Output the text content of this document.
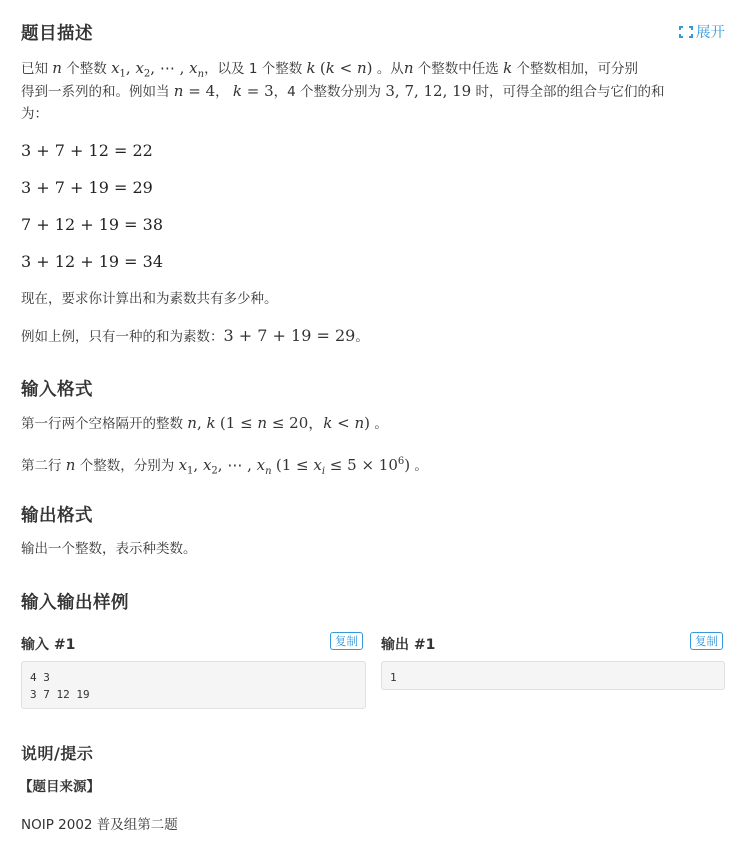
题目描述	展开
已知 n 个整数 $x_1$, $x_2$, ⋯ , $x_n$，以及 1 个整数 k (k < n) 。从n 个整数中任选 k 个整数相加，可分别
得到一系列的和。例如当 n = 4， k = 3，4 个整数分别为 3, 7, 12, 19 时，可得全部的组合与它们的和
为：
3 + 7 + 12 = 22
3 + 7 + 19 = 29
7 + 12 + 19 = 38
3 + 12 + 19 = 34
现在，要求你计算出和为素数共有多少种。
例如上例，只有一种的和为素数：3 + 7 + 19 = 29。
输入格式
第一行两个空格隔开的整数 n, k (1 ≤ n ≤ 20，k < n) 。
第二行 n 个整数，分别为 $x_1$, $x_2$, ⋯ , $x_n$ $(1 \le x_i \le 5 \times 10^6)$ 。
输出格式
输出一个整数，表示种类数。
输入输出样例
输入 #1	复制
4 3
3 7 12 19
输出 #1	复制
1
说明/提示
【题目来源】
NOIP 2002 普及组第二题
